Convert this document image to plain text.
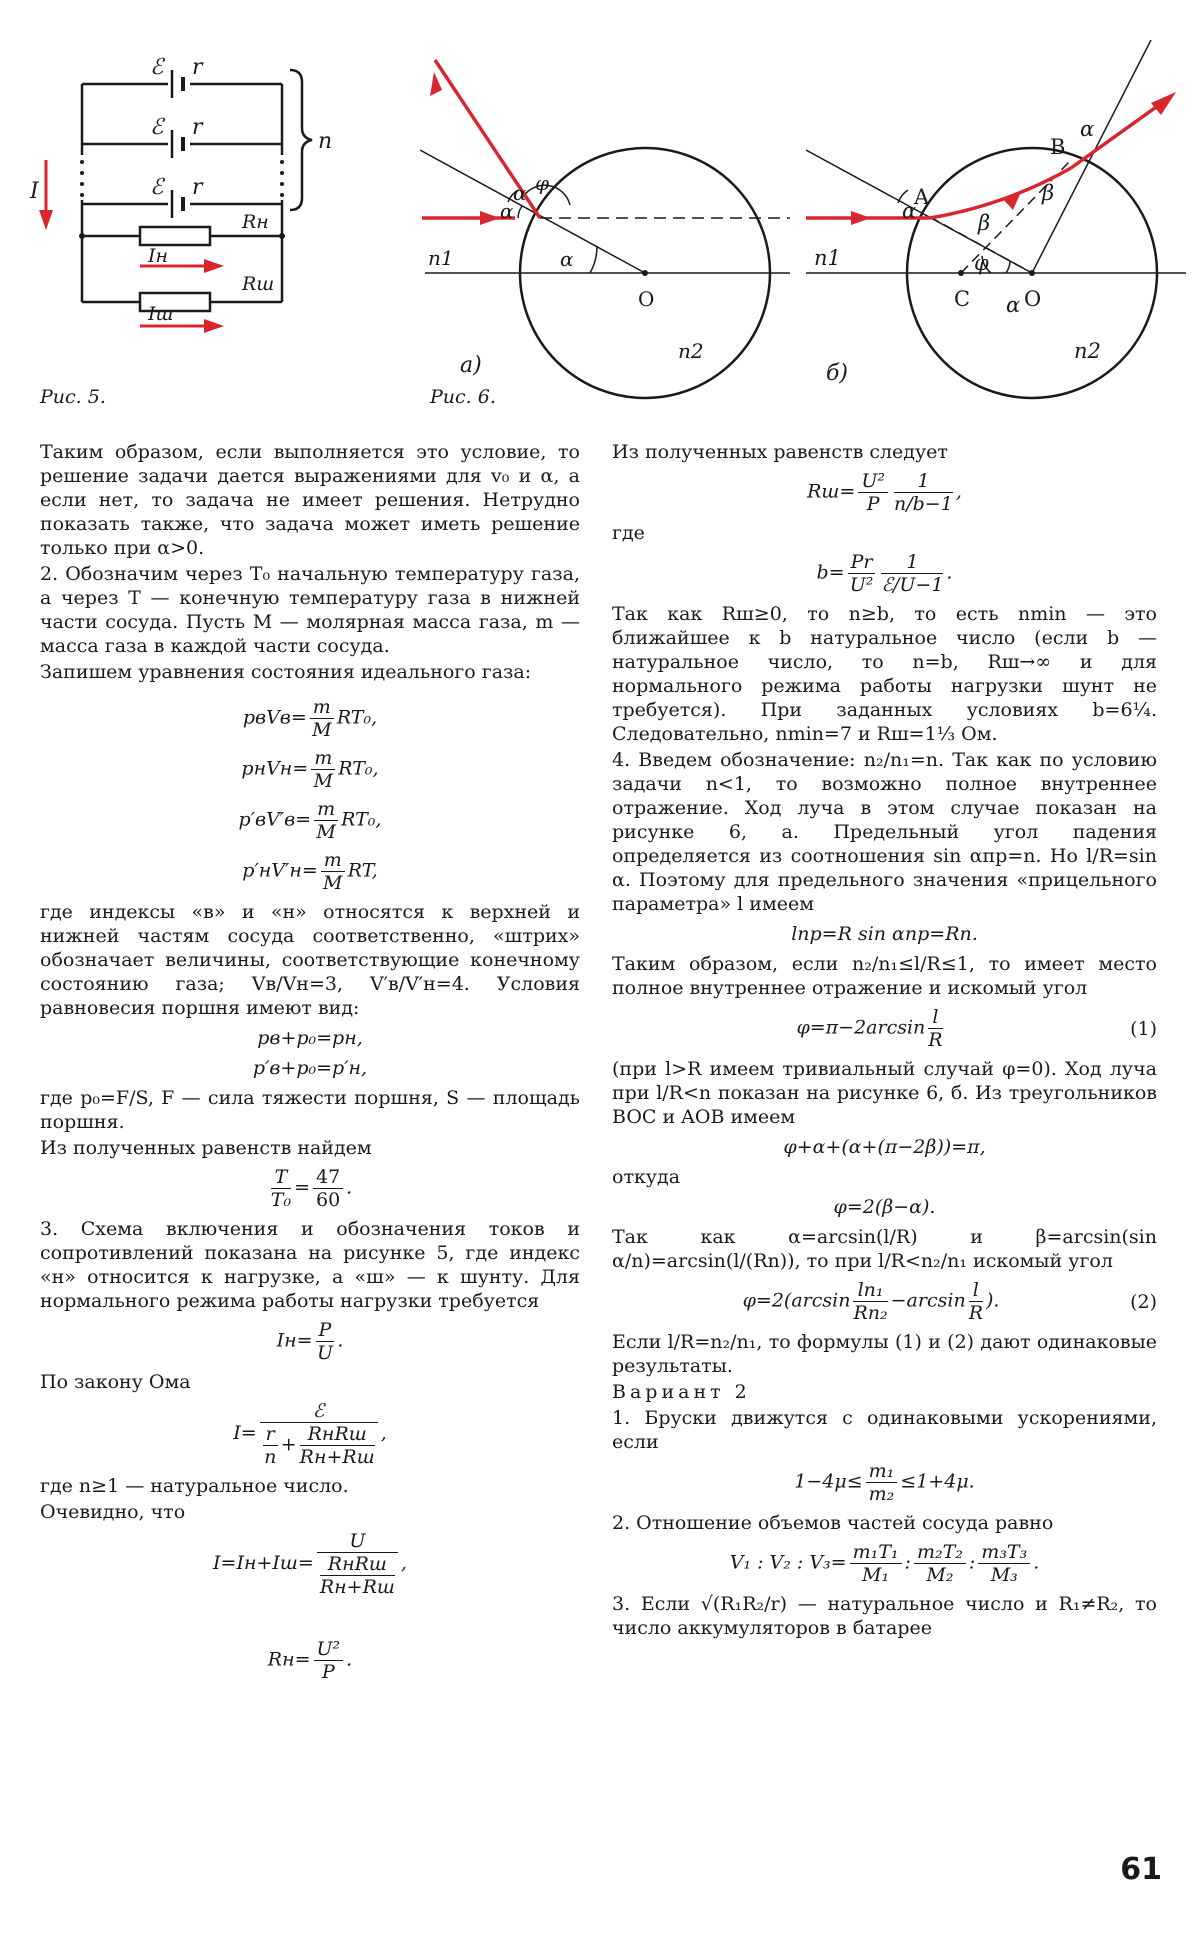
ℰ r
ℰ r
ℰ r
n
I
Rн
Iн
Rш
Iш
Рис. 5.
n1
n2
O
α
α
α
φ
а)
Рис. 6.
n1
n2
A
B
C	O
α
α
α
β
β
φ
б)

Таким образом, если выполняется это условие, то решение задачи дается выражениями для v₀ и α, а если нет, то задача не имеет решения. Нетрудно показать также, что задача может иметь решение только при α>0.

2. Обозначим через T₀ начальную температуру газа, а через T — конечную температуру газа в нижней части сосуда. Пусть M — молярная масса газа, m — масса газа в каждой части сосуда.

Запишем уравнения состояния идеального газа:

pвVв= $\frac{m}{M} RT_0$,
pнVн= $\frac{m}{M} RT_0$,
$p'вV'в= \frac{m}{M} RT_0$,
$p'нV'н= \frac{m}{M}$ RT,

где индексы «в» и «н» относятся к верхней и нижней частям сосуда соответственно, «штрих» обозначает величины, соответствующие конечному состоянию газа; Vв/Vн=3, V′в/V′н=4. Условия равновесия поршня имеют вид:

pв+p₀=pн,
p′в+p₀=p′н,

где p₀=F/S, F — сила тяжести поршня, S — площадь поршня.

Из полученных равенств найдем

$\frac{T}{\text{T₀}} = \frac{47}{60}$ .

3. Схема включения и обозначения токов и сопротивлений показана на рисунке 5, где индекс «н» относится к нагрузке, а «ш» — к шунту. Для нормального режима работы нагрузки требуется

$Iн= \frac{P}{U}$ .

По закону Ома

$I= \frac{\text{ℰ}}{\frac{r}{n} + \frac{\text{RнRш}}{Rн+Rш}}$ ,

где n≥1 — натуральное число.

Очевидно, что

$I=Iн+Iш= \frac{U}{\frac{\text{RнRш}}{Rн+Rш}}$ ,
$Rн= \frac{\text{U²}}{P}$ .

Из полученных равенств следует

$Rш= \frac{\text{U²}}{P} \frac{1}{n/b-1}$ ,

где

$b= \frac{Pr}{\text{U²}} \frac{1}{\text{ℰ/U−1}}$ .

Так как Rш≥0, то n≥b, то есть nmin — это ближайшее к b натуральное число (если b — натуральное число, то n=b, Rш→∞ и для нормального режима работы нагрузки шунт не требуется). При заданных условиях b=6¼. Следовательно, nmin=7 и Rш=1⅓ Ом.

4. Введем обозначение: n₂/n₁=n. Так как по условию задачи n<1, то возможно полное внутреннее отражение. Ход луча в этом случае показан на рисунке 6, а. Предельный угол падения определяется из соотношения sin αпр=n. Но l/R=sin α. Поэтому для предельного значения «прицельного параметра» l имеем

lпр=R sin αпр=Rn.

Таким образом, если n₂/n₁≤l/R≤1, то имеет место полное внутреннее отражение и искомый угол

$\varphi=\pi-2\arcsin \frac{l}{R}$	(1)

(при l>R имеем тривиальный случай φ=0). Ход луча при l/R<n показан на рисунке 6, б. Из треугольников BOC и AOB имеем

φ+α+(α+(π−2β))=π,

откуда

φ=2(β−α).

Так как α=arcsin(l/R) и β=arcsin(sin α/n)=arcsin(l/(Rn)), то при l/R<n₂/n₁ искомый угол

$\varphi=2(\arcsin \frac{\text{ln₁}}{\text{Rn₂}} -\arcsin \frac{l}{R}$ ).	(2)

Если l/R=n₂/n₁, то формулы (1) и (2) дают одинаковые результаты.

Вариант 2

1. Бруски движутся с одинаковыми ускорениями, если

$1-4\mu\le \frac{\text{m₁}}{\text{m₂}} \le 1+4\mu$.

2. Отношение объемов частей сосуда равно

V₁ : V₂ : $V_3= \frac{\text{m₁T₁}}{\text{M₁}}$ : $\frac{\text{m₂T₂}}{\text{M₂}}$ : $\frac{\text{m₃T₃}}{\text{M₃}}$ .

3. Если √(R₁R₂/r) — натуральное число и R₁≠R₂, то число аккумуляторов в батарее

61
